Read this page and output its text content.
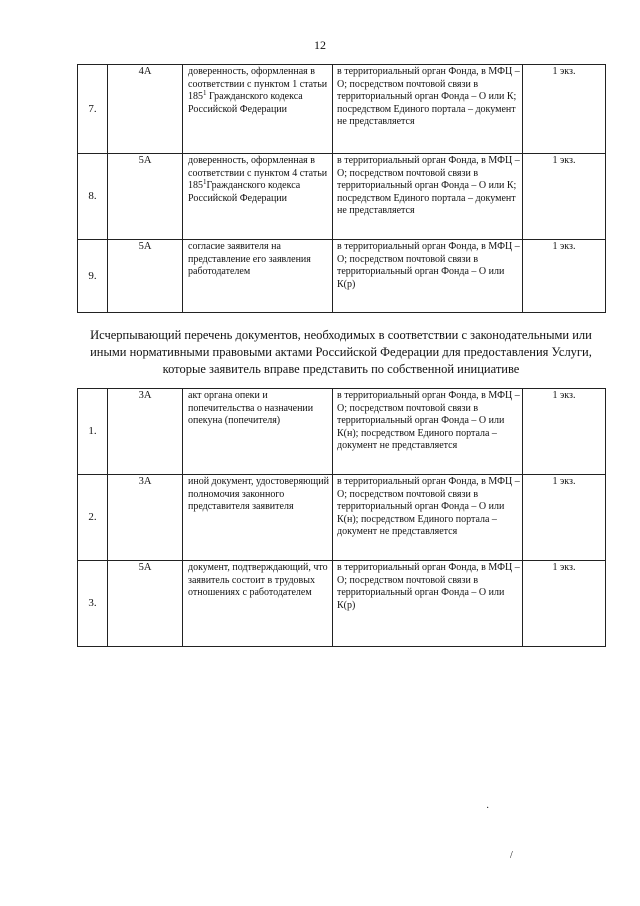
12
7.	4А	доверенность, оформленная в соответствии с пунктом 1 статьи $185^1$ Гражданского кодекса Российской Федерации	в территориальный орган Фонда, в МФЦ – О; посредством почтовой связи в территориальный орган Фонда – О или К; посредством Единого портала – документ не представляется	1 экз.
8.	5А	доверенность, оформленная в соответствии с пунктом 4 статьи $185^1Гражданского$ кодекса Российской Федерации	в территориальный орган Фонда, в МФЦ – О; посредством почтовой связи в территориальный орган Фонда – О или К; посредством Единого портала – документ не представляется	1 экз.
9.	5А	согласие заявителя на представление его заявления работодателем	в территориальный орган Фонда, в МФЦ – О; посредством почтовой связи в территориальный орган Фонда – О или К(р)	1 экз.
Исчерпывающий перечень документов, необходимых в соответствии с законодательными или иными нормативными правовыми актами Российской Федерации для предоставления Услуги, которые заявитель вправе представить по собственной инициативе
1.	3А	акт органа опеки и попечительства о назначении опекуна (попечителя)	в территориальный орган Фонда, в МФЦ – О; посредством почтовой связи в территориальный орган Фонда – О или К(н); посредством Единого портала – документ не представляется	1 экз.
2.	3А	иной документ, удостоверяющий полномочия законного представителя заявителя	в территориальный орган Фонда, в МФЦ – О; посредством почтовой связи в территориальный орган Фонда – О или К(н); посредством Единого портала – документ не представляется	1 экз.
3.	5А	документ, подтверждающий, что заявитель состоит в трудовых отношениях с работодателем	в территориальный орган Фонда, в МФЦ – О; посредством почтовой связи в территориальный орган Фонда – О или К(р)	1 экз.
·
/
